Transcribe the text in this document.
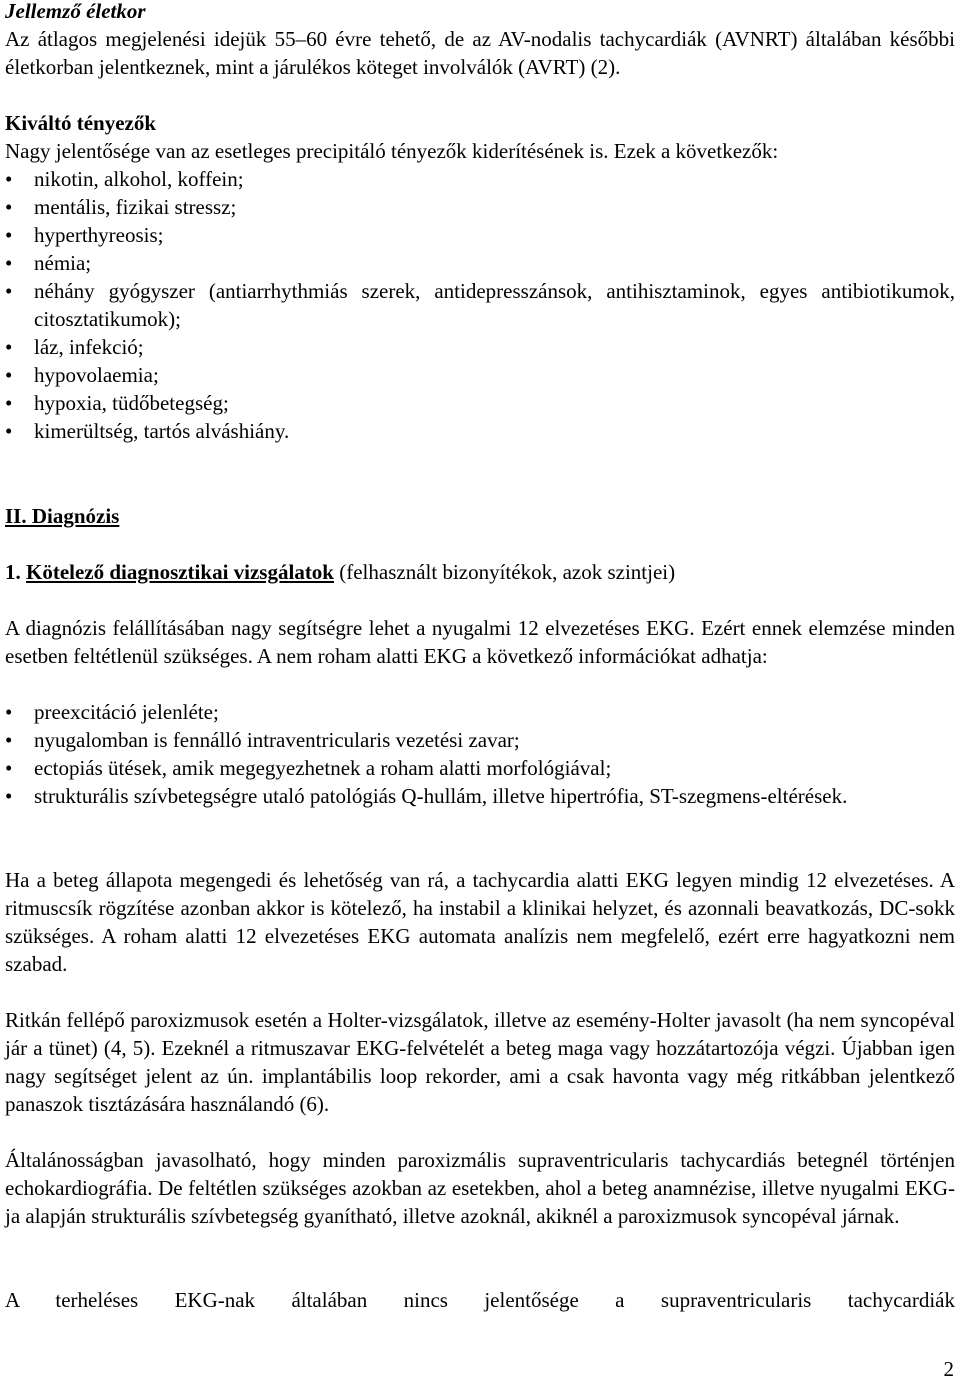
Jellemző életkor

Az átlagos megjelenési idejük 55–60 évre tehető, de az AV-nodalis tachycardiák (AVNRT) általában későbbi életkorban jelentkeznek, mint a járulékos köteget involválók (AVRT) (2).

Kiváltó tényezők

Nagy jelentősége van az esetleges precipitáló tényezők kiderítésének is. Ezek a következők:

• nikotin, alkohol, koffein;
• mentális, fizikai stressz;
• hyperthyreosis;
• némia;
• néhány gyógyszer (antiarrhythmiás szerek, antidepresszánsok, antihisztaminok, egyes antibiotikumok, citosztatikumok);
• láz, infekció;
• hypovolaemia;
• hypoxia, tüdőbetegség;
• kimerültség, tartós alváshiány.
II. Diagnózis
1. Kötelező diagnosztikai vizsgálatok (felhasznált bizonyítékok, azok szintjei)

A diagnózis felállításában nagy segítségre lehet a nyugalmi 12 elvezetéses EKG. Ezért ennek elemzése minden esetben feltétlenül szükséges. A nem roham alatti EKG a következő információkat adhatja:

• preexcitáció jelenléte;
• nyugalomban is fennálló intraventricularis vezetési zavar;
• ectopiás ütések, amik megegyezhetnek a roham alatti morfológiával;
• strukturális szívbetegségre utaló patológiás Q-hullám, illetve hipertrófia, ST-szegmens-eltérések.

Ha a beteg állapota megengedi és lehetőség van rá, a tachycardia alatti EKG legyen mindig 12 elvezetéses. A ritmuscsík rögzítése azonban akkor is kötelező, ha instabil a klinikai helyzet, és azonnali beavatkozás, DC-sokk szükséges. A roham alatti 12 elvezetéses EKG automata analízis nem megfelelő, ezért erre hagyatkozni nem szabad.

Ritkán fellépő paroxizmusok esetén a Holter-vizsgálatok, illetve az esemény-Holter javasolt (ha nem syncopéval jár a tünet) (4, 5). Ezeknél a ritmuszavar EKG-felvételét a beteg maga vagy hozzátartozója végzi. Újabban igen nagy segítséget jelent az ún. implantábilis loop rekorder, ami a csak havonta vagy még ritkábban jelentkező panaszok tisztázására használandó (6).

Általánosságban javasolható, hogy minden paroxizmális supraventricularis tachycardiás betegnél történjen echokardiográfia. De feltétlen szükséges azokban az esetekben, ahol a beteg anamnézise, illetve nyugalmi EKG-ja alapján strukturális szívbetegség gyanítható, illetve azoknál, akiknél a paroxizmusok syncopéval járnak.

A terheléses EKG-nak általában nincs jelentősége a supraventricularis tachycardiák

2
